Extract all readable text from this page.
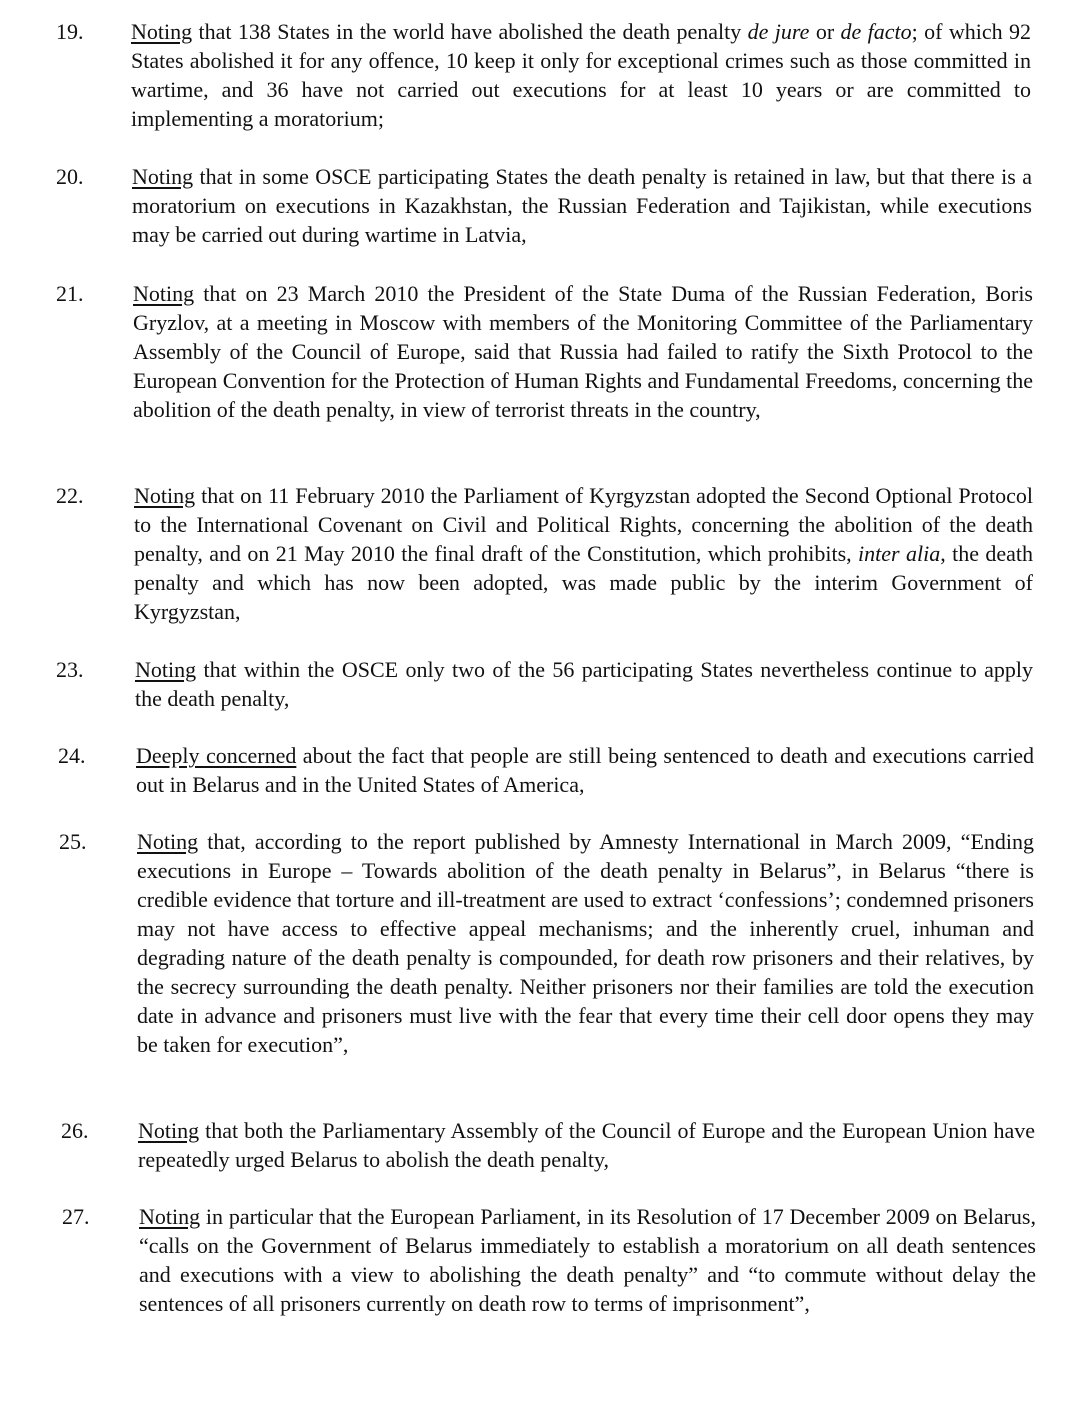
19. Noting that 138 States in the world have abolished the death penalty de jure or de facto; of which 92 States abolished it for any offence, 10 keep it only for exceptional crimes such as those committed in wartime, and 36 have not carried out executions for at least 10 years or are committed to implementing a moratorium;
20. Noting that in some OSCE participating States the death penalty is retained in law, but that there is a moratorium on executions in Kazakhstan, the Russian Federation and Tajikistan, while executions may be carried out during wartime in Latvia,
21. Noting that on 23 March 2010 the President of the State Duma of the Russian Federation, Boris Gryzlov, at a meeting in Moscow with members of the Monitoring Committee of the Parliamentary Assembly of the Council of Europe, said that Russia had failed to ratify the Sixth Protocol to the European Convention for the Protection of Human Rights and Fundamental Freedoms, concerning the abolition of the death penalty, in view of terrorist threats in the country,
22. Noting that on 11 February 2010 the Parliament of Kyrgyzstan adopted the Second Optional Protocol to the International Covenant on Civil and Political Rights, concerning the abolition of the death penalty, and on 21 May 2010 the final draft of the Constitution, which prohibits, inter alia, the death penalty and which has now been adopted, was made public by the interim Government of Kyrgyzstan,
23. Noting that within the OSCE only two of the 56 participating States nevertheless continue to apply the death penalty,
24. Deeply concerned about the fact that people are still being sentenced to death and executions carried out in Belarus and in the United States of America,
25. Noting that, according to the report published by Amnesty International in March 2009, “Ending executions in Europe – Towards abolition of the death penalty in Belarus”, in Belarus “there is credible evidence that torture and ill-treatment are used to extract ‘confessions’; condemned prisoners may not have access to effective appeal mechanisms; and the inherently cruel, inhuman and degrading nature of the death penalty is compounded, for death row prisoners and their relatives, by the secrecy surrounding the death penalty. Neither prisoners nor their families are told the execution date in advance and prisoners must live with the fear that every time their cell door opens they may be taken for execution”,
26. Noting that both the Parliamentary Assembly of the Council of Europe and the European Union have repeatedly urged Belarus to abolish the death penalty,
27. Noting in particular that the European Parliament, in its Resolution of 17 December 2009 on Belarus, “calls on the Government of Belarus immediately to establish a moratorium on all death sentences and executions with a view to abolishing the death penalty” and “to commute without delay the sentences of all prisoners currently on death row to terms of imprisonment”,
